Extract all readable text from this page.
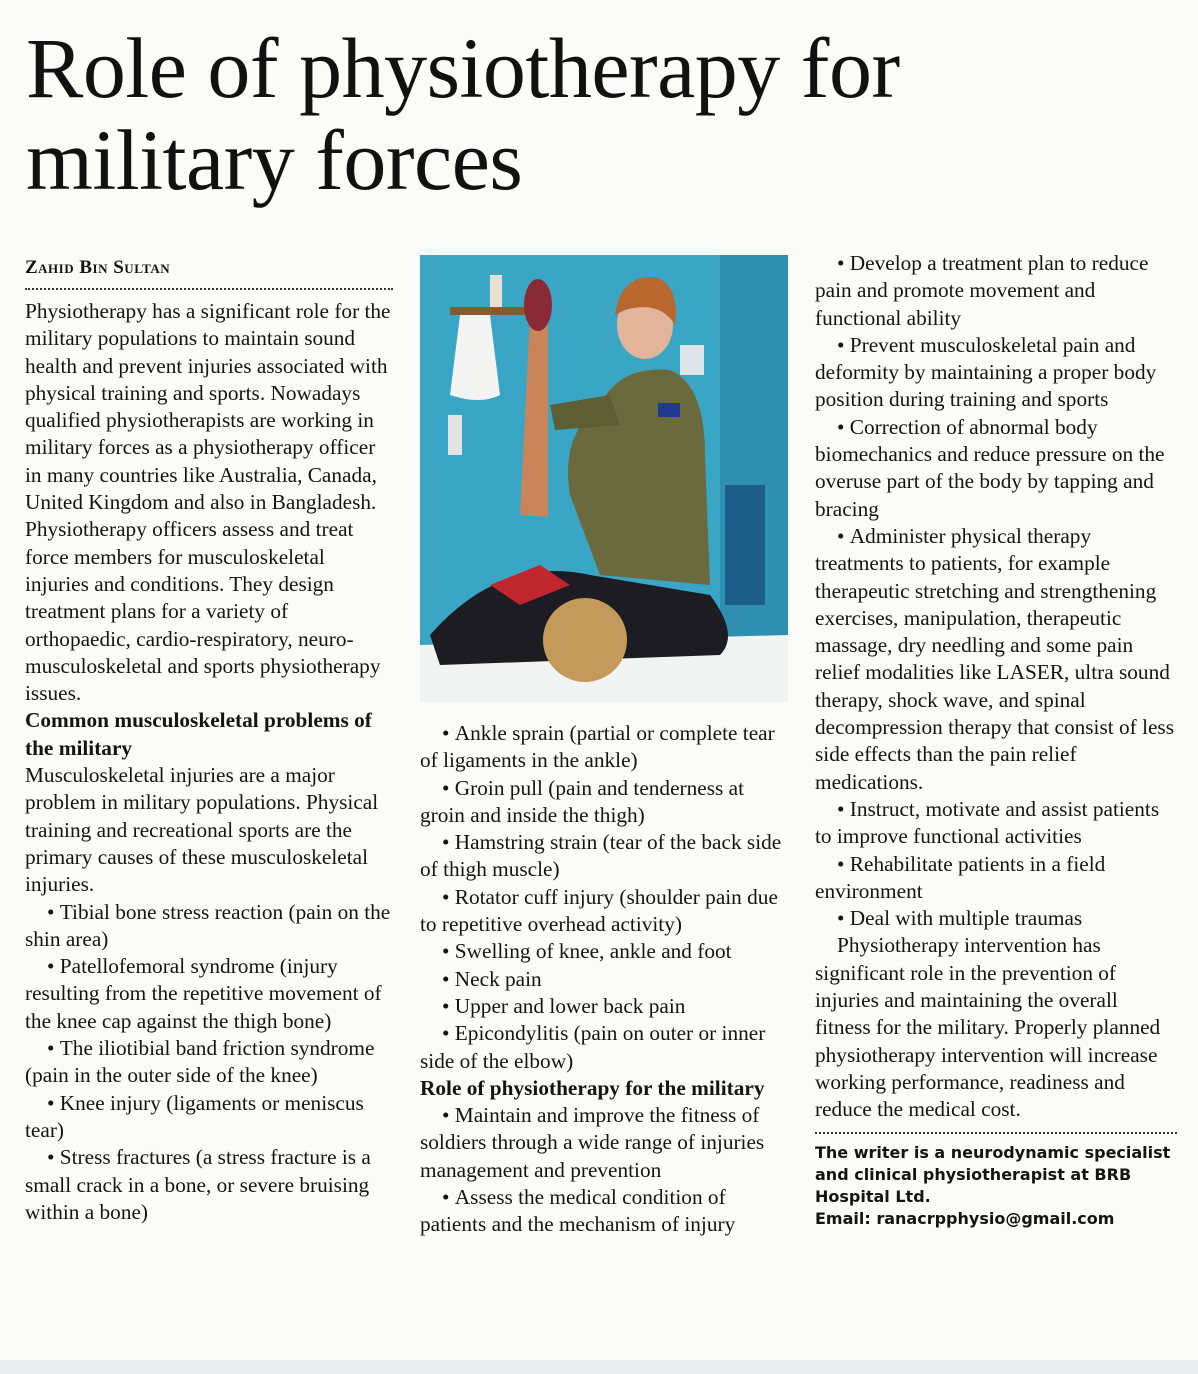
Role of physiotherapy for military forces
Zahid Bin Sultan

Physiotherapy has a significant role for the military populations to maintain sound health and prevent injuries associated with physical training and sports. Nowadays qualified physiotherapists are working in military forces as a physiotherapy officer in many countries like Australia, Canada, United Kingdom and also in Bangladesh. Physiotherapy officers assess and treat force members for musculoskeletal injuries and conditions. They design treatment plans for a variety of orthopaedic, cardio-respiratory, neuro-musculoskeletal and sports physiotherapy issues.

Common musculoskeletal problems of the military

Musculoskeletal injuries are a major problem in military populations. Physical training and recreational sports are the primary causes of these musculoskeletal injuries.

• Tibial bone stress reaction (pain on the shin area)
• Patellofemoral syndrome (injury resulting from the repetitive movement of the knee cap against the thigh bone)
• The iliotibial band friction syndrome (pain in the outer side of the knee)
• Knee injury (ligaments or meniscus tear)
• Stress fractures (a stress fracture is a small crack in a bone, or severe bruising within a bone)
• Ankle sprain (partial or complete tear of ligaments in the ankle)
• Groin pull (pain and tenderness at groin and inside the thigh)
• Hamstring strain (tear of the back side of thigh muscle)
• Rotator cuff injury (shoulder pain due to repetitive overhead activity)
• Swelling of knee, ankle and foot
• Neck pain
• Upper and lower back pain
• Epicondylitis (pain on outer or inner side of the elbow)

Role of physiotherapy for the military

• Maintain and improve the fitness of soldiers through a wide range of injuries management and prevention
• Assess the medical condition of patients and the mechanism of injury
• Develop a treatment plan to reduce pain and promote movement and functional ability
• Prevent musculoskeletal pain and deformity by maintaining a proper body position during training and sports
• Correction of abnormal body biomechanics and reduce pressure on the overuse part of the body by tapping and bracing
• Administer physical therapy treatments to patients, for example therapeutic stretching and strengthening exercises, manipulation, therapeutic massage, dry needling and some pain relief modalities like LASER, ultra sound therapy, shock wave, and spinal decompression therapy that consist of less side effects than the pain relief medications.
• Instruct, motivate and assist patients to improve functional activities
• Rehabilitate patients in a field environment
• Deal with multiple traumas

Physiotherapy intervention has significant role in the prevention of injuries and maintaining the overall fitness for the military. Properly planned physiotherapy intervention will increase working performance, readiness and reduce the medical cost.

The writer is a neurodynamic specialist and clinical physiotherapist at BRB Hospital Ltd.
Email: ranacrpphysio@gmail.com
